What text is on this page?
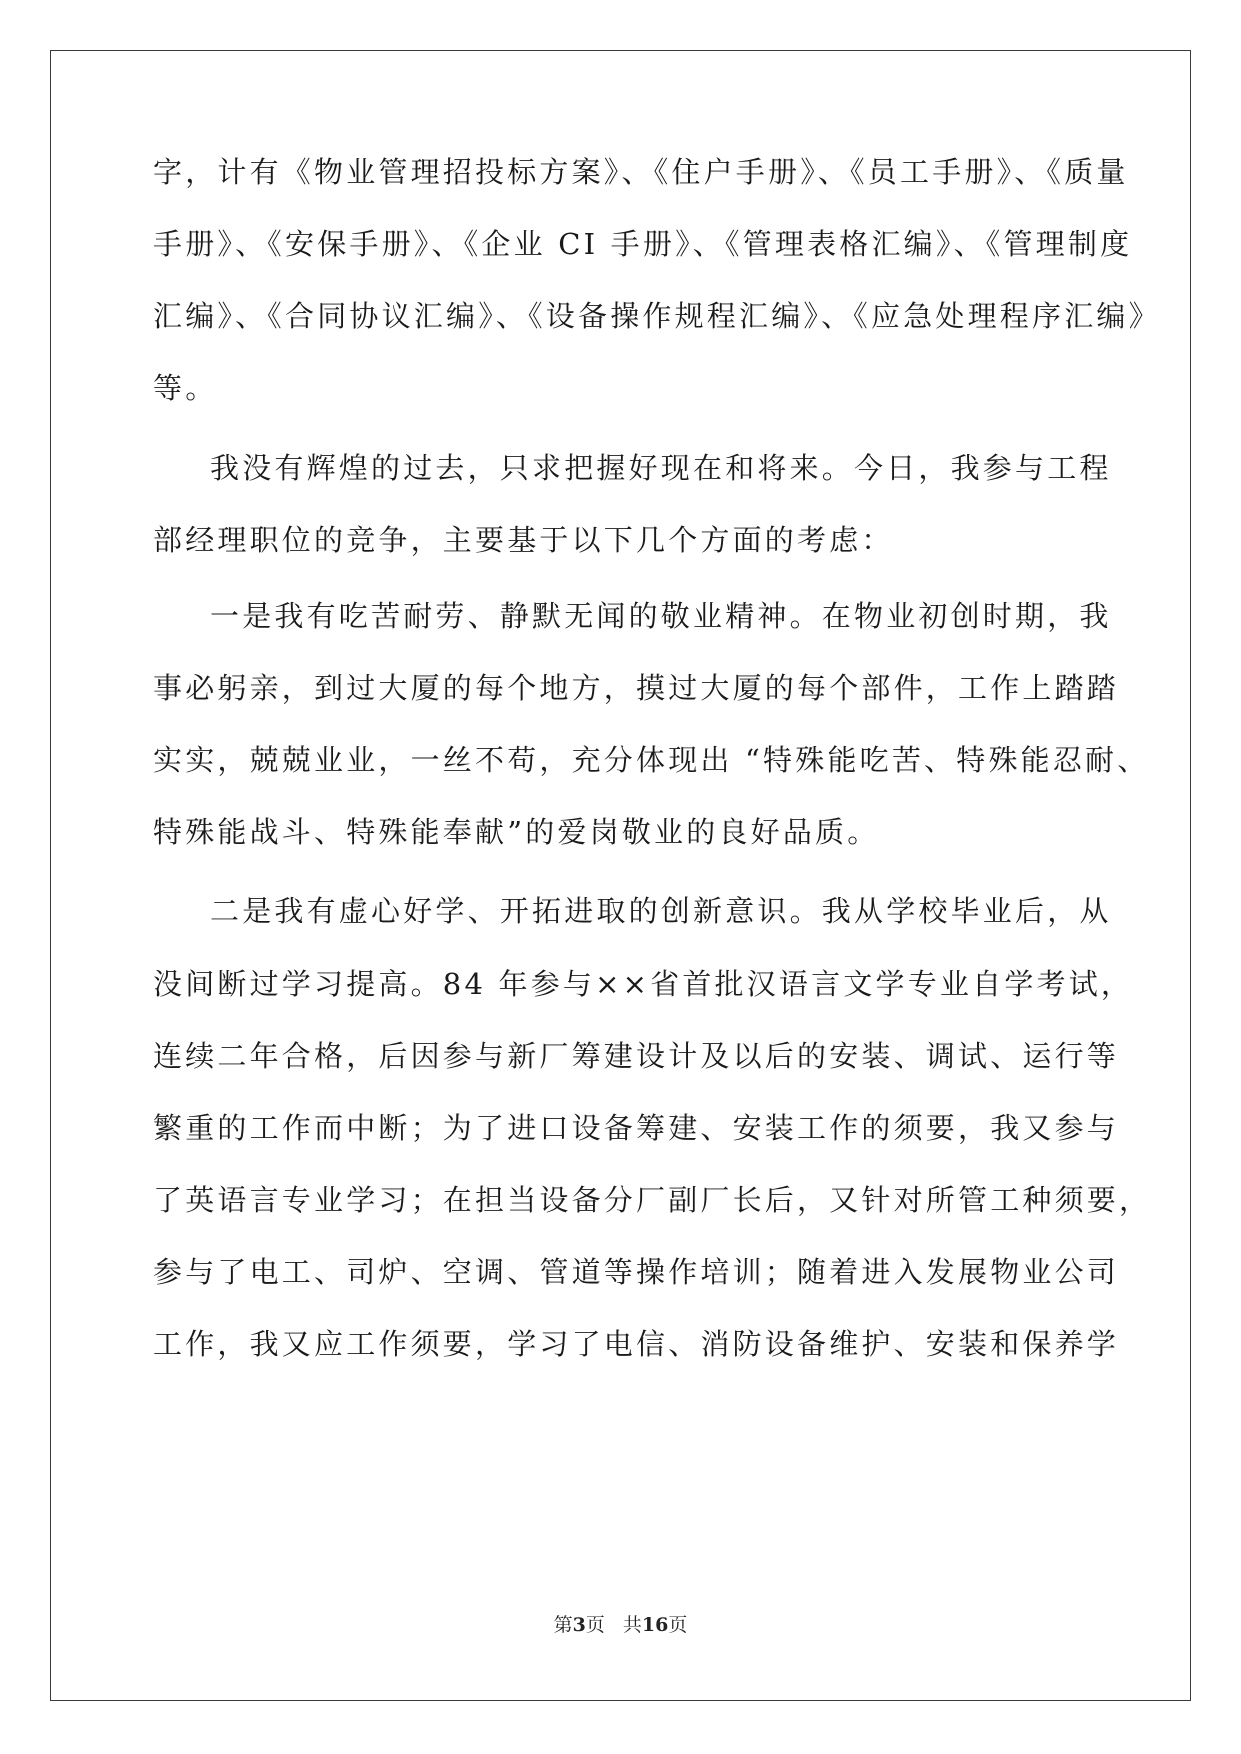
字，计有《物业管理招投标方案》、《住户手册》、《员工手册》、《质量
手册》、《安保手册》、《企业 CI 手册》、《管理表格汇编》、《管理制度
汇编》、《合同协议汇编》、《设备操作规程汇编》、《应急处理程序汇编》
等。
我没有辉煌的过去，只求把握好现在和将来。今日，我参与工程
部经理职位的竞争，主要基于以下几个方面的考虑：
一是我有吃苦耐劳、静默无闻的敬业精神。在物业初创时期，我
事必躬亲，到过大厦的每个地方，摸过大厦的每个部件，工作上踏踏
实实，兢兢业业，一丝不苟，充分体现出 “特殊能吃苦、特殊能忍耐、
特殊能战斗、特殊能奉献”的爱岗敬业的良好品质。
二是我有虚心好学、开拓进取的创新意识。我从学校毕业后，从
没间断过学习提高。84 年参与××省首批汉语言文学专业自学考试，
连续二年合格，后因参与新厂筹建设计及以后的安装、调试、运行等
繁重的工作而中断；为了进口设备筹建、安装工作的须要，我又参与
了英语言专业学习；在担当设备分厂副厂长后，又针对所管工种须要，
参与了电工、司炉、空调、管道等操作培训；随着进入发展物业公司
工作，我又应工作须要，学习了电信、消防设备维护、安装和保养学
第3页 共16页
